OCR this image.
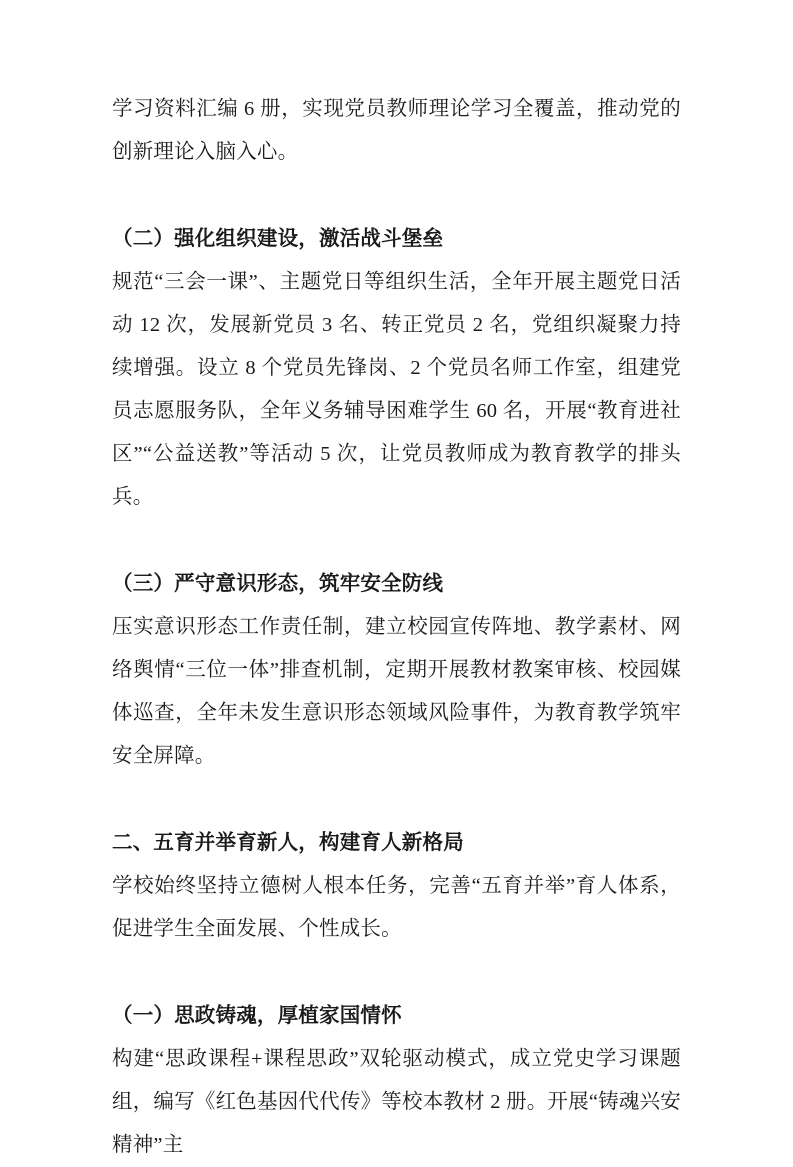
学习资料汇编 6 册，实现党员教师理论学习全覆盖，推动党的创新理论入脑入心。

（二）强化组织建设，激活战斗堡垒

规范“三会一课”、主题党日等组织生活，全年开展主题党日活动 12 次，发展新党员 3 名、转正党员 2 名，党组织凝聚力持续增强。设立 8 个党员先锋岗、2 个党员名师工作室，组建党员志愿服务队，全年义务辅导困难学生 60 名，开展“教育进社区”“公益送教”等活动 5 次，让党员教师成为教育教学的排头兵。

（三）严守意识形态，筑牢安全防线

压实意识形态工作责任制，建立校园宣传阵地、教学素材、网络舆情“三位一体”排查机制，定期开展教材教案审核、校园媒体巡查，全年未发生意识形态领域风险事件，为教育教学筑牢安全屏障。

二、五育并举育新人，构建育人新格局

学校始终坚持立德树人根本任务，完善“五育并举”育人体系，促进学生全面发展、个性成长。

（一）思政铸魂，厚植家国情怀

构建“思政课程+课程思政”双轮驱动模式，成立党史学习课题组，编写《红色基因代代传》等校本教材 2 册。开展“铸魂兴安精神”主
